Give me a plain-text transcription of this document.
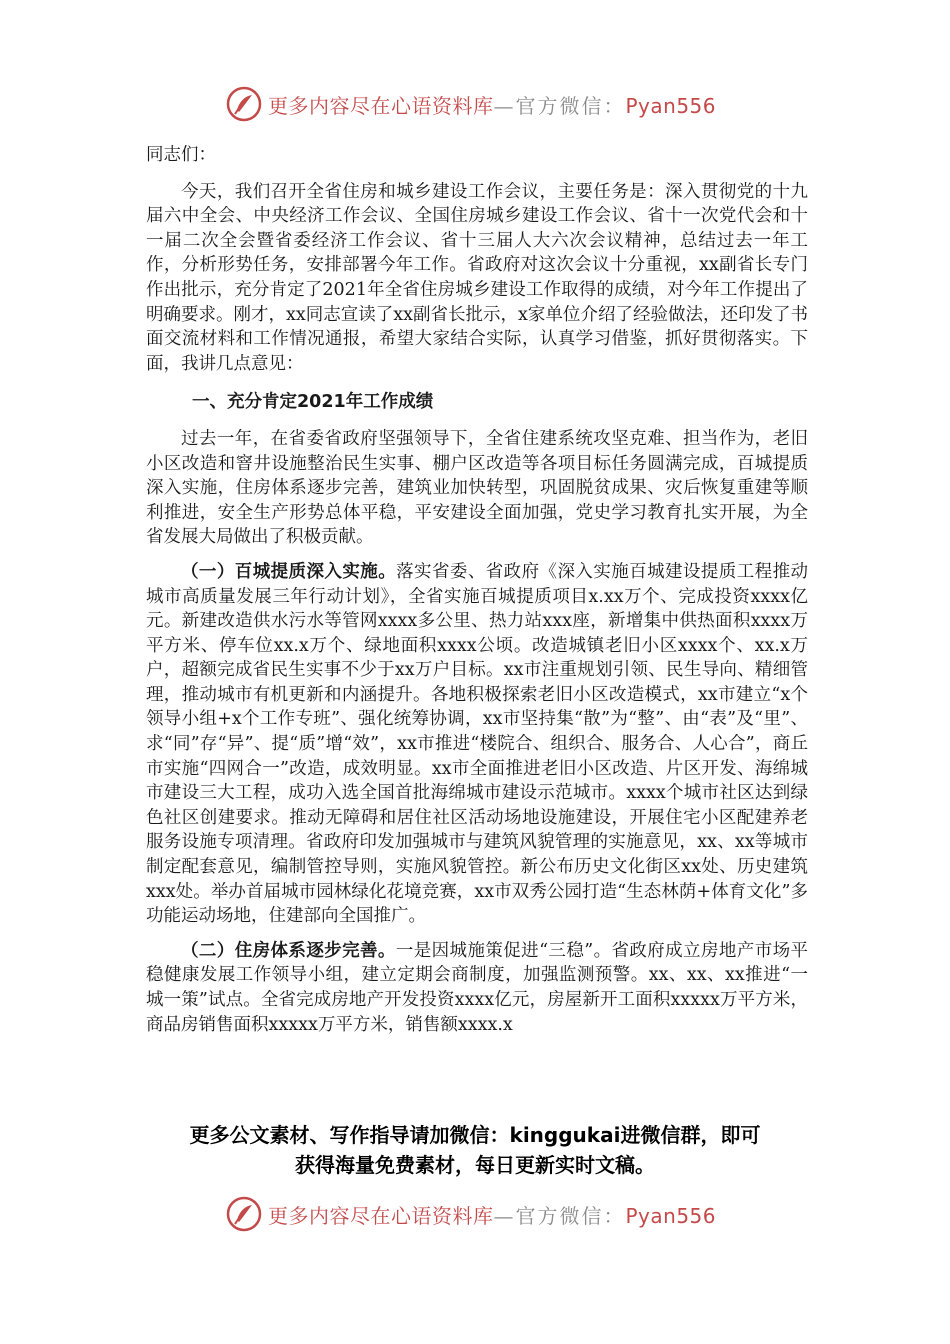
更多内容尽在心语资料库—官方微信：Pyan556

同志们：

今天，我们召开全省住房和城乡建设工作会议，主要任务是：深入贯彻党的十九届六中全会、中央经济工作会议、全国住房城乡建设工作会议、省十一次党代会和十一届二次全会暨省委经济工作会议、省十三届人大六次会议精神，总结过去一年工作，分析形势任务，安排部署今年工作。省政府对这次会议十分重视，xx副省长专门作出批示，充分肯定了2021年全省住房城乡建设工作取得的成绩，对今年工作提出了明确要求。刚才，xx同志宣读了xx副省长批示，x家单位介绍了经验做法，还印发了书面交流材料和工作情况通报，希望大家结合实际，认真学习借鉴，抓好贯彻落实。下面，我讲几点意见：

一、充分肯定2021年工作成绩

过去一年，在省委省政府坚强领导下，全省住建系统攻坚克难、担当作为，老旧小区改造和窨井设施整治民生实事、棚户区改造等各项目标任务圆满完成，百城提质深入实施，住房体系逐步完善，建筑业加快转型，巩固脱贫成果、灾后恢复重建等顺利推进，安全生产形势总体平稳，平安建设全面加强，党史学习教育扎实开展，为全省发展大局做出了积极贡献。

（一）百城提质深入实施。落实省委、省政府《深入实施百城建设提质工程推动城市高质量发展三年行动计划》，全省实施百城提质项目x.xx万个、完成投资xxxx亿元。新建改造供水污水等管网xxxx多公里、热力站xxx座，新增集中供热面积xxxx万平方米、停车位xx.x万个、绿地面积xxxx公顷。改造城镇老旧小区xxxx个、xx.x万户，超额完成省民生实事不少于xx万户目标。xx市注重规划引领、民生导向、精细管理，推动城市有机更新和内涵提升。各地积极探索老旧小区改造模式，xx市建立“x个领导小组+x个工作专班”、强化统筹协调，xx市坚持集“散”为“整”、由“表”及“里”、求“同”存“异”、提“质”增“效”，xx市推进“楼院合、组织合、服务合、人心合”，商丘市实施“四网合一”改造，成效明显。xx市全面推进老旧小区改造、片区开发、海绵城市建设三大工程，成功入选全国首批海绵城市建设示范城市。xxxx个城市社区达到绿色社区创建要求。推动无障碍和居住社区活动场地设施建设，开展住宅小区配建养老服务设施专项清理。省政府印发加强城市与建筑风貌管理的实施意见，xx、xx等城市制定配套意见，编制管控导则，实施风貌管控。新公布历史文化街区xx处、历史建筑xxx处。举办首届城市园林绿化花境竞赛，xx市双秀公园打造“生态林荫+体育文化”多功能运动场地，住建部向全国推广。

（二）住房体系逐步完善。一是因城施策促进“三稳”。省政府成立房地产市场平稳健康发展工作领导小组，建立定期会商制度，加强监测预警。xx、xx、xx推进“一城一策”试点。全省完成房地产开发投资xxxx亿元，房屋新开工面积xxxxx万平方米，商品房销售面积xxxxx万平方米，销售额xxxx.x

更多公文素材、写作指导请加微信：kinggukai进微信群，即可
获得海量免费素材，每日更新实时文稿。
更多内容尽在心语资料库—官方微信：Pyan556
